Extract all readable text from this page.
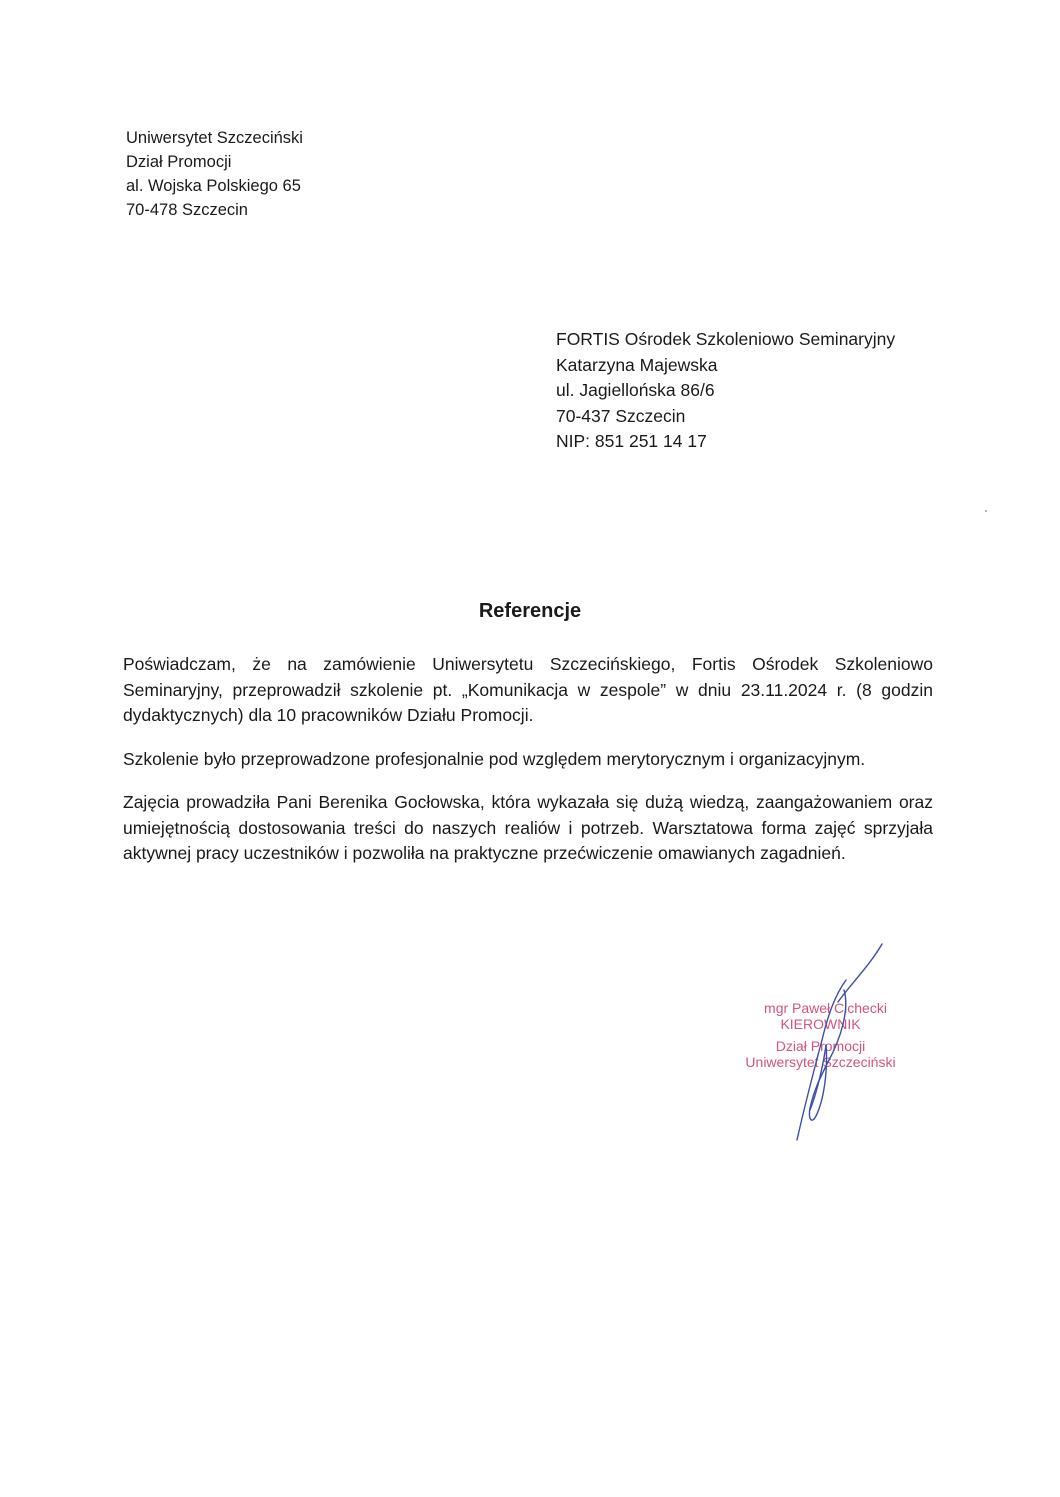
Uniwersytet Szczeciński
Dział Promocji
al. Wojska Polskiego 65
70-478 Szczecin
FORTIS Ośrodek Szkoleniowo Seminaryjny
Katarzyna Majewska
ul. Jagiellońska 86/6
70-437 Szczecin
NIP: 851 251 14 17
Referencje

Poświadczam, że na zamówienie Uniwersytetu Szczecińskiego, Fortis Ośrodek Szkoleniowo Seminaryjny, przeprowadził szkolenie pt. „Komunikacja w zespole” w dniu 23.11.2024 r. (8 godzin dydaktycznych) dla 10 pracowników Działu Promocji.

Szkolenie było przeprowadzone profesjonalnie pod względem merytorycznym i organizacyjnym.

Zajęcia prowadziła Pani Berenika Gocłowska, która wykazała się dużą wiedzą, zaangażowaniem oraz umiejętnością dostosowania treści do naszych realiów i potrzeb. Warsztatowa forma zajęć sprzyjała aktywnej pracy uczestników i pozwoliła na praktyczne przećwiczenie omawianych zagadnień.

mgr Paweł Cichecki
KIEROWNIK
Dział Promocji
Uniwersytet Szczeciński
